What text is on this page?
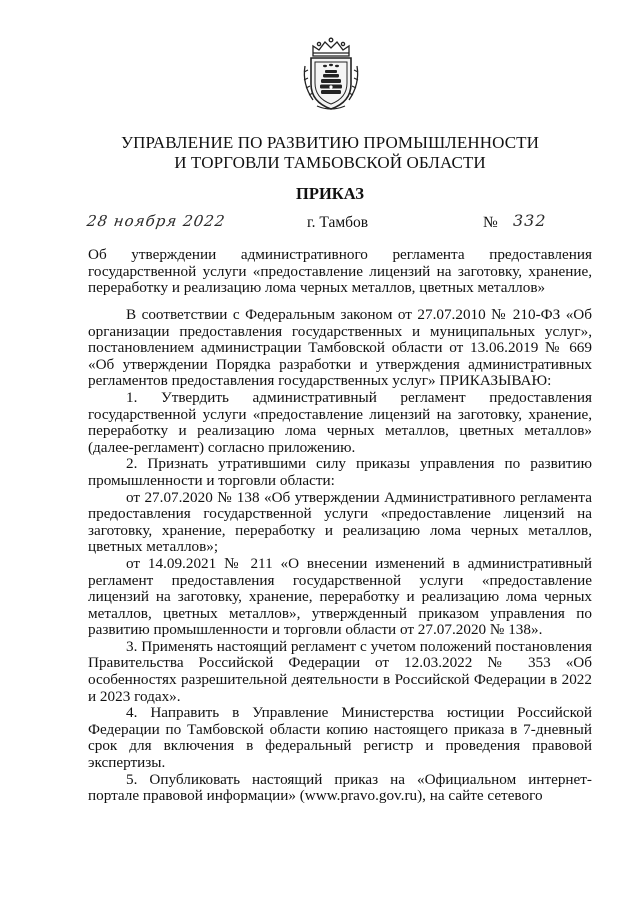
УПРАВЛЕНИЕ ПО РАЗВИТИЮ ПРОМЫШЛЕННОСТИ
И ТОРГОВЛИ ТАМБОВСКОЙ ОБЛАСТИ
ПРИКАЗ
28 ноября 2022	г. Тамбов	№ 332

Об утверждении административного регламента предоставления государственной услуги «предоставление лицензий на заготовку, хранение, переработку и реализацию лома черных металлов, цветных металлов»

В соответствии с Федеральным законом от 27.07.2010 № 210-ФЗ «Об организации предоставления государственных и муниципальных услуг», постановлением администрации Тамбовской области от 13.06.2019 № 669 «Об утверждении Порядка разработки и утверждения административных регламентов предоставления государственных услуг» ПРИКАЗЫВАЮ:

1. Утвердить административный регламент предоставления государственной услуги «предоставление лицензий на заготовку, хранение, переработку и реализацию лома черных металлов, цветных металлов» (далее-регламент) согласно приложению.

2. Признать утратившими силу приказы управления по развитию промышленности и торговли области:

от 27.07.2020 № 138 «Об утверждении Административного регламента предоставления государственной услуги «предоставление лицензий на заготовку, хранение, переработку и реализацию лома черных металлов, цветных металлов»;

от 14.09.2021 № 211 «О внесении изменений в административный регламент предоставления государственной услуги «предоставление лицензий на заготовку, хранение, переработку и реализацию лома черных металлов, цветных металлов», утвержденный приказом управления по развитию промышленности и торговли области от 27.07.2020 № 138».

3. Применять настоящий регламент с учетом положений постановления Правительства Российской Федерации от 12.03.2022 № 353 «Об особенностях разрешительной деятельности в Российской Федерации в 2022 и 2023 годах».

4. Направить в Управление Министерства юстиции Российской Федерации по Тамбовской области копию настоящего приказа в 7-дневный срок для включения в федеральный регистр и проведения правовой экспертизы.

5. Опубликовать настоящий приказ на «Официальном интернет-портале правовой информации» (www.pravo.gov.ru), на сайте сетевого
